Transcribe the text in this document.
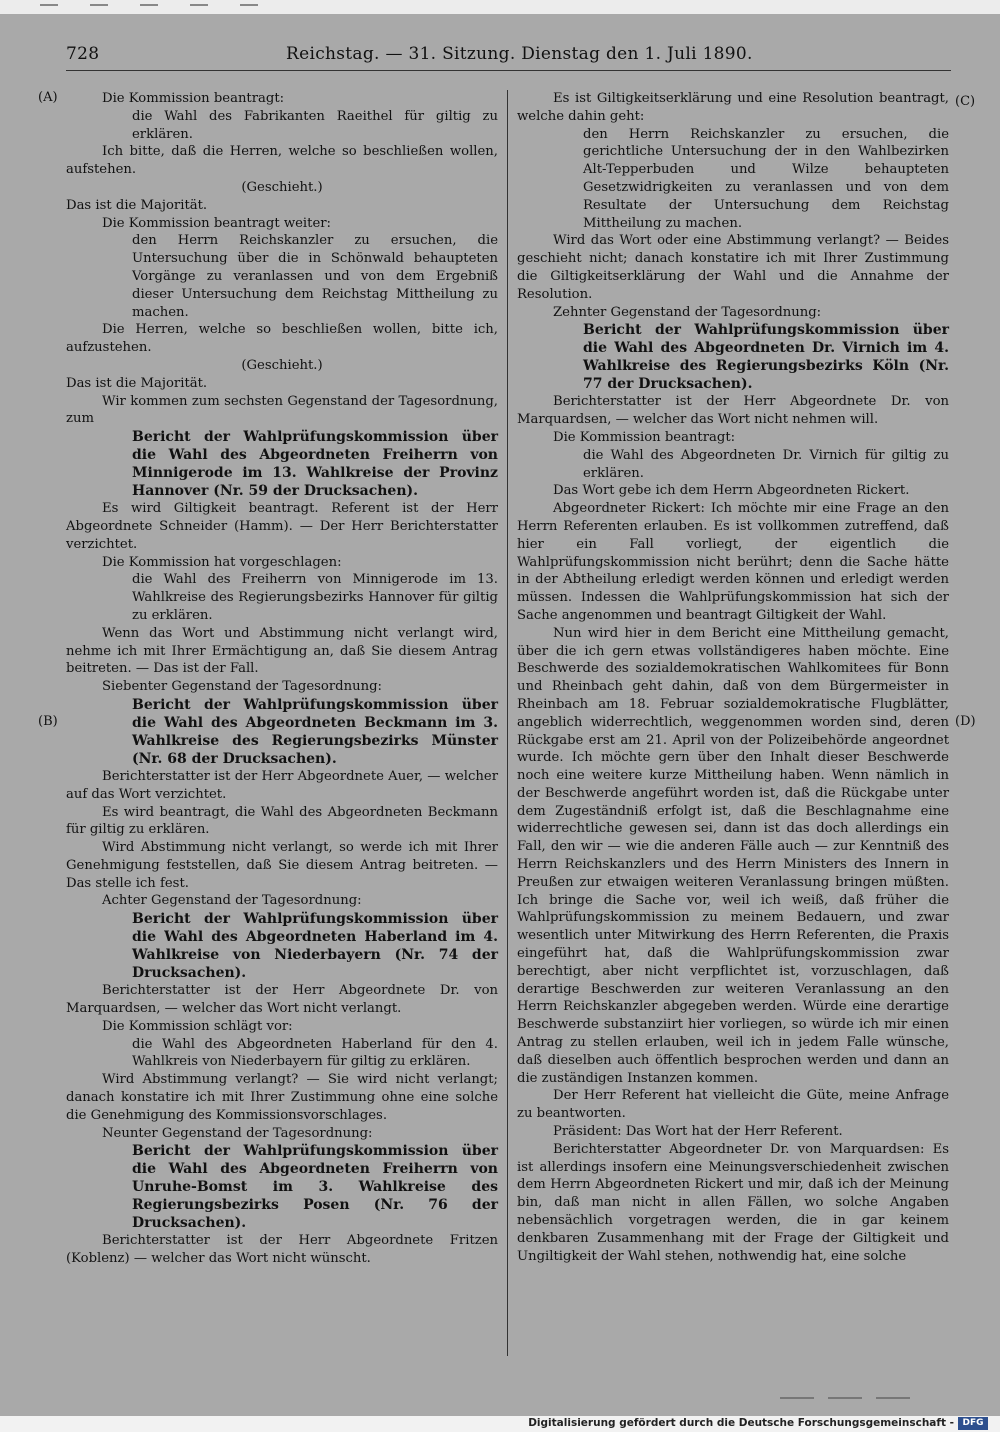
728	Reichstag. — 31. Sitzung. Dienstag den 1. Juli 1890.
(A)
(B)
(C)
(D)

Die Kommission beantragt:

die Wahl des Fabrikanten Raeithel für giltig zu erklären.

Ich bitte, daß die Herren, welche so beschließen wollen, aufstehen.

(Geschieht.)

Das ist die Majorität.

Die Kommission beantragt weiter:

den Herrn Reichskanzler zu ersuchen, die Untersuchung über die in Schönwald behaupteten Vorgänge zu veranlassen und von dem Ergebniß dieser Untersuchung dem Reichstag Mittheilung zu machen.

Die Herren, welche so beschließen wollen, bitte ich, aufzustehen.

(Geschieht.)

Das ist die Majorität.

Wir kommen zum sechsten Gegenstand der Tagesordnung, zum

Bericht der Wahlprüfungskommission über die Wahl des Abgeordneten Freiherrn von Minnigerode im 13. Wahlkreise der Provinz Hannover (Nr. 59 der Drucksachen).

Es wird Giltigkeit beantragt. Referent ist der Herr Abgeordnete Schneider (Hamm). — Der Herr Berichterstatter verzichtet.

Die Kommission hat vorgeschlagen:

die Wahl des Freiherrn von Minnigerode im 13. Wahlkreise des Regierungsbezirks Hannover für giltig zu erklären.

Wenn das Wort und Abstimmung nicht verlangt wird, nehme ich mit Ihrer Ermächtigung an, daß Sie diesem Antrag beitreten. — Das ist der Fall.

Siebenter Gegenstand der Tagesordnung:

Bericht der Wahlprüfungskommission über die Wahl des Abgeordneten Beckmann im 3. Wahlkreise des Regierungsbezirks Münster (Nr. 68 der Drucksachen).

Berichterstatter ist der Herr Abgeordnete Auer, — welcher auf das Wort verzichtet.

Es wird beantragt, die Wahl des Abgeordneten Beckmann für giltig zu erklären.

Wird Abstimmung nicht verlangt, so werde ich mit Ihrer Genehmigung feststellen, daß Sie diesem Antrag beitreten. — Das stelle ich fest.

Achter Gegenstand der Tagesordnung:

Bericht der Wahlprüfungskommission über die Wahl des Abgeordneten Haberland im 4. Wahlkreise von Niederbayern (Nr. 74 der Drucksachen).

Berichterstatter ist der Herr Abgeordnete Dr. von Marquardsen, — welcher das Wort nicht verlangt.

Die Kommission schlägt vor:

die Wahl des Abgeordneten Haberland für den 4. Wahlkreis von Niederbayern für giltig zu erklären.

Wird Abstimmung verlangt? — Sie wird nicht verlangt; danach konstatire ich mit Ihrer Zustimmung ohne eine solche die Genehmigung des Kommissionsvorschlages.

Neunter Gegenstand der Tagesordnung:

Bericht der Wahlprüfungskommission über die Wahl des Abgeordneten Freiherrn von Unruhe-Bomst im 3. Wahlkreise des Regierungsbezirks Posen (Nr. 76 der Drucksachen).

Berichterstatter ist der Herr Abgeordnete Fritzen (Koblenz) — welcher das Wort nicht wünscht.

Es ist Giltigkeitserklärung und eine Resolution beantragt, welche dahin geht:

den Herrn Reichskanzler zu ersuchen, die gerichtliche Untersuchung der in den Wahlbezirken Alt-Tepperbuden und Wilze behaupteten Gesetzwidrigkeiten zu veranlassen und von dem Resultate der Untersuchung dem Reichstag Mittheilung zu machen.

Wird das Wort oder eine Abstimmung verlangt? — Beides geschieht nicht; danach konstatire ich mit Ihrer Zustimmung die Giltigkeitserklärung der Wahl und die Annahme der Resolution.

Zehnter Gegenstand der Tagesordnung:

Bericht der Wahlprüfungskommission über die Wahl des Abgeordneten Dr. Virnich im 4. Wahlkreise des Regierungsbezirks Köln (Nr. 77 der Drucksachen).

Berichterstatter ist der Herr Abgeordnete Dr. von Marquardsen, — welcher das Wort nicht nehmen will.

Die Kommission beantragt:

die Wahl des Abgeordneten Dr. Virnich für giltig zu erklären.

Das Wort gebe ich dem Herrn Abgeordneten Rickert.

Abgeordneter Rickert: Ich möchte mir eine Frage an den Herrn Referenten erlauben. Es ist vollkommen zutreffend, daß hier ein Fall vorliegt, der eigentlich die Wahlprüfungskommission nicht berührt; denn die Sache hätte in der Abtheilung erledigt werden können und erledigt werden müssen. Indessen die Wahlprüfungskommission hat sich der Sache angenommen und beantragt Giltigkeit der Wahl.

Nun wird hier in dem Bericht eine Mittheilung gemacht, über die ich gern etwas vollständigeres haben möchte. Eine Beschwerde des sozialdemokratischen Wahlkomitees für Bonn und Rheinbach geht dahin, daß von dem Bürgermeister in Rheinbach am 18. Februar sozialdemokratische Flugblätter, angeblich widerrechtlich, weggenommen worden sind, deren Rückgabe erst am 21. April von der Polizeibehörde angeordnet wurde. Ich möchte gern über den Inhalt dieser Beschwerde noch eine weitere kurze Mittheilung haben. Wenn nämlich in der Beschwerde angeführt worden ist, daß die Rückgabe unter dem Zugeständniß erfolgt ist, daß die Beschlagnahme eine widerrechtliche gewesen sei, dann ist das doch allerdings ein Fall, den wir — wie die anderen Fälle auch — zur Kenntniß des Herrn Reichskanzlers und des Herrn Ministers des Innern in Preußen zur etwaigen weiteren Veranlassung bringen müßten. Ich bringe die Sache vor, weil ich weiß, daß früher die Wahlprüfungskommission zu meinem Bedauern, und zwar wesentlich unter Mitwirkung des Herrn Referenten, die Praxis eingeführt hat, daß die Wahlprüfungskommission zwar berechtigt, aber nicht verpflichtet ist, vorzuschlagen, daß derartige Beschwerden zur weiteren Veranlassung an den Herrn Reichskanzler abgegeben werden. Würde eine derartige Beschwerde substanziirt hier vorliegen, so würde ich mir einen Antrag zu stellen erlauben, weil ich in jedem Falle wünsche, daß dieselben auch öffentlich besprochen werden und dann an die zuständigen Instanzen kommen.

Der Herr Referent hat vielleicht die Güte, meine Anfrage zu beantworten.

Präsident: Das Wort hat der Herr Referent.

Berichterstatter Abgeordneter Dr. von Marquardsen: Es ist allerdings insofern eine Meinungsverschiedenheit zwischen dem Herrn Abgeordneten Rickert und mir, daß ich der Meinung bin, daß man nicht in allen Fällen, wo solche Angaben nebensächlich vorgetragen werden, die in gar keinem denkbaren Zusammenhang mit der Frage der Giltigkeit und Ungiltigkeit der Wahl stehen, nothwendig hat, eine solche

Digitalisierung gefördert durch die Deutsche Forschungsgemeinschaft - DFG
